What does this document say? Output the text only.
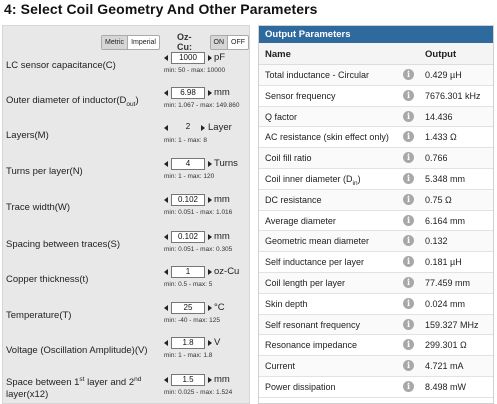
4: Select Coil Geometry And Other Parameters
Metric	Imperial	Oz-Cu:	ON	OFF
LC sensor capacitance(C)
1000	pF
min: 50 - max: 10000
Outer diameter of $inductor(D_{out})$
6.98	mm
min: 1.067 - max: 149.860
Layers(M)
2	Layer
min: 1 - max: 8
Turns per layer(N)
4	Turns
min: 1 - max: 120
Trace width(W)
0.102	mm
min: 0.051 - max: 1.016
Spacing between traces(S)
0.102	mm
min: 0.051 - max: 0.305
Copper thickness(t)
1	oz-Cu
min: 0.5 - max: 5
Temperature(T)
25	°C
min: -40 - max: 125
Voltage (Oscillation Amplitude)(V)
1.8	V
min: 1 - max: 1.8
Space between 1st layer and 2nd
layer(x12)
1.5	mm
min: 0.025 - max: 1.524
Output Parameters
Name	Output
Total inductance - Circular	i	0.429 µH
Sensor frequency	i	7676.301 kHz
Q factor	i	14.436
AC resistance (skin effect only)	i	1.433 Ω
Coil fill ratio	i	0.766
Coil inner diameter $(D_{in})$	i	5.348 mm
DC resistance	i	0.75 Ω
Average diameter	i	6.164 mm
Geometric mean diameter	i	0.132
Self inductance per layer	i	0.181 µH
Coil length per layer	i	77.459 mm
Skin depth	i	0.024 mm
Self resonant frequency	i	159.327 MHz
Resonance impedance	i	299.301 Ω
Current	i	4.721 mA
Power dissipation	i	8.498 mW
